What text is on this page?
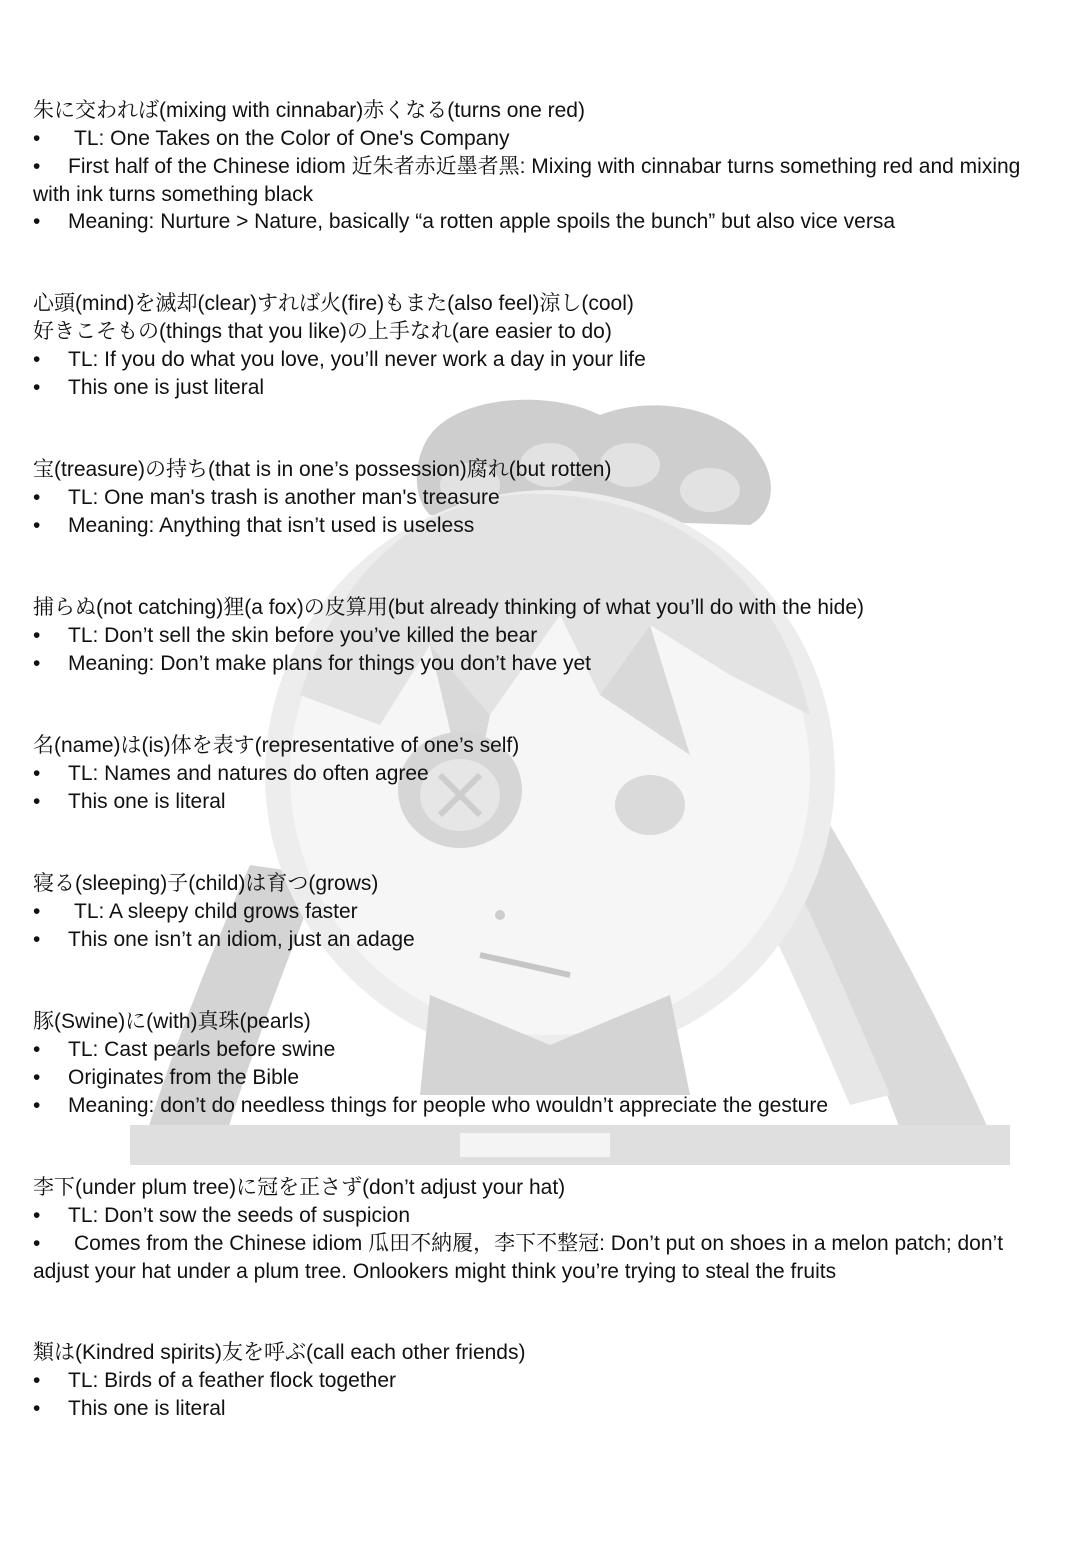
朱に交われば(mixing with cinnabar)赤くなる(turns one red)
• TL: One Takes on the Color of One's Company
•	First half of the Chinese idiom 近朱者赤近墨者黑: Mixing with cinnabar turns something red and mixing with ink turns something black
• Meaning: Nurture > Nature, basically “a rotten apple spoils the bunch” but also vice versa
心頭(mind)を滅却(clear)すれば火(fire)もまた(also feel)涼し(cool)
好きこそもの(things that you like)の上手なれ(are easier to do)
• TL: If you do what you love, you’ll never work a day in your life
• This one is just literal
宝(treasure)の持ち(that is in one’s possession)腐れ(but rotten)
• TL: One man's trash is another man's treasure
• Meaning: Anything that isn’t used is useless
捕らぬ(not catching)狸(a fox)の皮算用(but already thinking of what you’ll do with the hide)
• TL: Don’t sell the skin before you’ve killed the bear
• Meaning: Don’t make plans for things you don’t have yet
名(name)は(is)体を表す(representative of one’s self)
• TL: Names and natures do often agree
• This one is literal
寝る(sleeping)子(child)は育つ(grows)
• TL: A sleepy child grows faster
• This one isn’t an idiom, just an adage
豚(Swine)に(with)真珠(pearls)
• TL: Cast pearls before swine
• Originates from the Bible
• Meaning: don’t do needless things for people who wouldn’t appreciate the gesture
李下(under plum tree)に冠を正さず(don’t adjust your hat)
• TL: Don’t sow the seeds of suspicion
•	Comes from the Chinese idiom 瓜田不納履，李下不整冠: Don’t put on shoes in a melon patch; don’t adjust your hat under a plum tree. Onlookers might think you’re trying to steal the fruits
類は(Kindred spirits)友を呼ぶ(call each other friends)
• TL: Birds of a feather flock together
• This one is literal
